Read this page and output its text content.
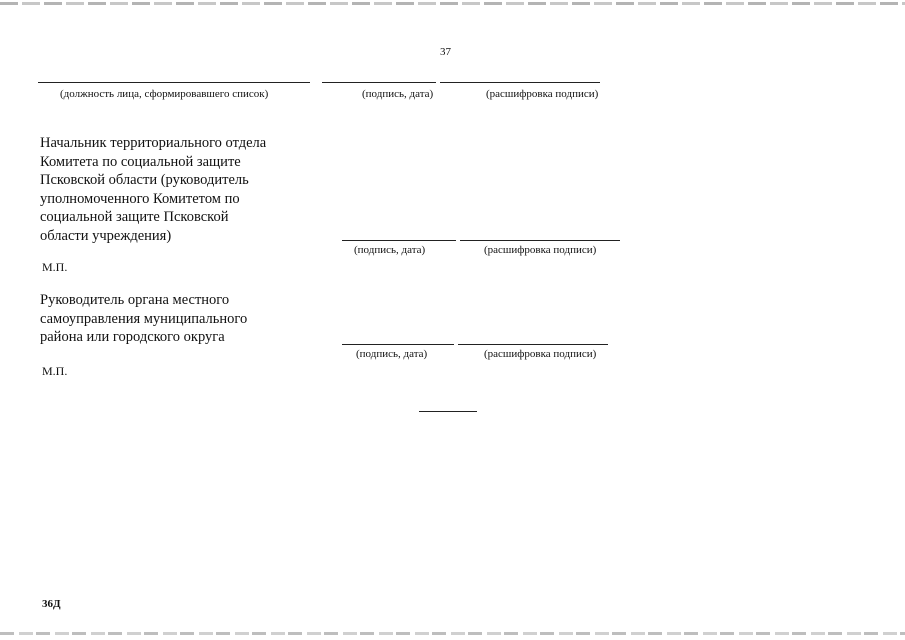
37
(должность лица, сформировавшего список)	(подпись, дата)	(расшифровка подписи)
Начальник территориального отдела
Комитета по социальной защите
Псковской области (руководитель
уполномоченного Комитетом по
социальной защите Псковской
области учреждения)
(подпись, дата)	(расшифровка подписи)
М.П.
Руководитель органа местного
самоуправления муниципального
района или городского округа
(подпись, дата)	(расшифровка подписи)
М.П.
36Д
